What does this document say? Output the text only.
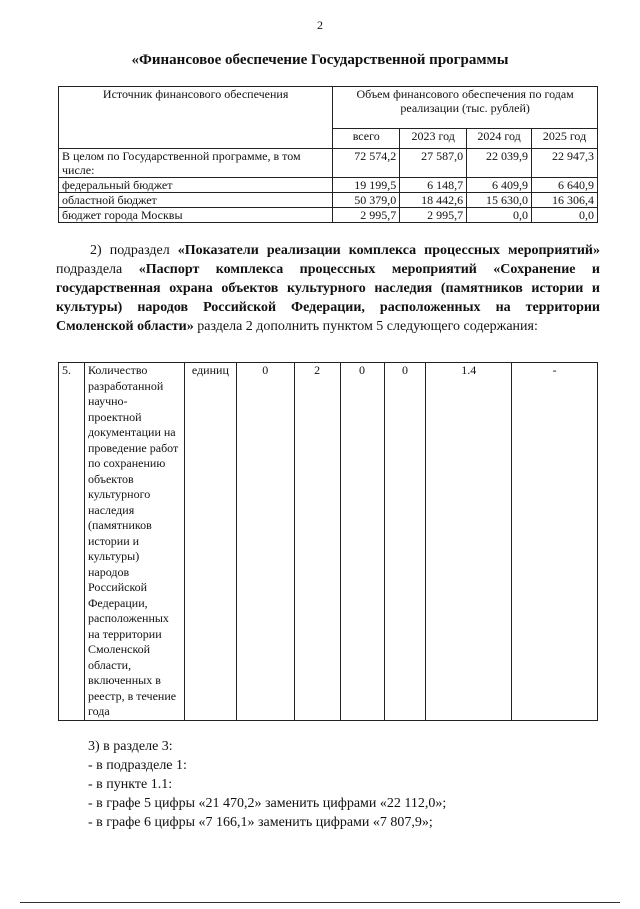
2
«Финансовое обеспечение Государственной программы
Источник финансового обеспечения	Объем финансового обеспечения по годам реализации (тыс. рублей)			
	всего	2023 год	2024 год	2025 год
В целом по Государственной программе, в том числе:	72 574,2	27 587,0	22 039,9	22 947,3
федеральный бюджет	19 199,5	6 148,7	6 409,9	6 640,9
областной бюджет	50 379,0	18 442,6	15 630,0	16 306,4
бюджет города Москвы	2 995,7	2 995,7	0,0	0,0

2) подраздел «Показатели реализации комплекса процессных мероприятий» подраздела «Паспорт комплекса процессных мероприятий «Сохранение и государственная охрана объектов культурного наследия (памятников истории и культуры) народов Российской Федерации, расположенных на территории Смоленской области» раздела 2 дополнить пунктом 5 следующего содержания:

5.	Количество разработанной научно-проектной документации на проведение работ по сохранению объектов культурного наследия (памятников истории и культуры) народов Российской Федерации, расположенных на территории Смоленской области, включенных в реестр, в течение года	единиц	0	2	0	0	1.4	-
3) в разделе 3:
- в подразделе 1:
- в пункте 1.1:
- в графе 5 цифры «21 470,2» заменить цифрами «22 112,0»;
- в графе 6 цифры «7 166,1» заменить цифрами «7 807,9»;
